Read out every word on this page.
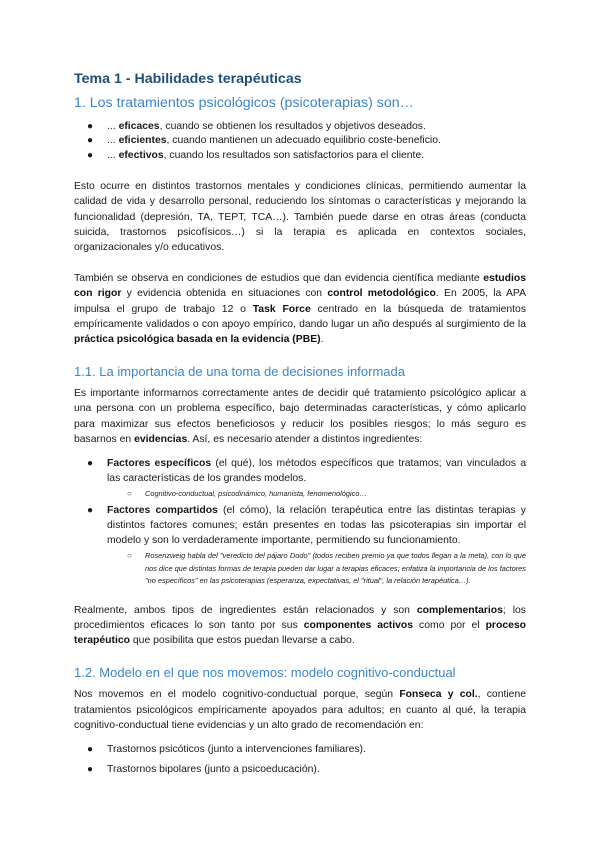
Tema 1 - Habilidades terapéuticas
1. Los tratamientos psicológicos (psicoterapias) son…
● ... eficaces, cuando se obtienen los resultados y objetivos deseados.
● ... eficientes, cuando mantienen un adecuado equilibrio coste-beneficio.
● ... efectivos, cuando los resultados son satisfactorios para el cliente.

Esto ocurre en distintos trastornos mentales y condiciones clínicas, permitiendo aumentar la calidad de vida y desarrollo personal, reduciendo los síntomas o características y mejorando la funcionalidad (depresión, TA, TEPT, TCA…). También puede darse en otras áreas (conducta suicida, trastornos psicofísicos…) si la terapia es aplicada en contextos sociales, organizacionales y/o educativos.

También se observa en condiciones de estudios que dan evidencia científica mediante estudios con rigor y evidencia obtenida en situaciones con control metodológico. En 2005, la APA impulsa el grupo de trabajo 12 o Task Force centrado en la búsqueda de tratamientos empíricamente validados o con apoyo empírico, dando lugar un año después al surgimiento de la práctica psicológica basada en la evidencia (PBE).

1.1. La importancia de una toma de decisiones informada

Es importante informarnos correctamente antes de decidir qué tratamiento psicológico aplicar a una persona con un problema específico, bajo determinadas características, y cómo aplicarlo para maximizar sus efectos beneficiosos y reducir los posibles riesgos; lo más seguro es basarnos en evidencias. Así, es necesario atender a distintos ingredientes:

● Factores específicos (el qué), los métodos específicos que tratamos; van vinculados a las características de los grandes modelos.
○ Cognitivo-conductual, psicodinámico, humanista, fenomenológico…
● Factores compartidos (el cómo), la relación terapéutica entre las distintas terapias y distintos factores comunes; están presentes en todas las psicoterapias sin importar el modelo y son lo verdaderamente importante, permitiendo su funcionamiento.
○ Rosenzweig habla del "veredicto del pájaro Dodo" (todos reciben premio ya que todos llegan a la meta), con lo que nos dice que distintas formas de terapia pueden dar lugar a terapias eficaces; enfatiza la importancia de los factores "no específicos" en las psicoterapias (esperanza, expectativas, el "ritual", la relación terapéutica…).

Realmente, ambos tipos de ingredientes están relacionados y son complementarios; los procedimientos eficaces lo son tanto por sus componentes activos como por el proceso terapéutico que posibilita que estos puedan llevarse a cabo.

1.2. Modelo en el que nos movemos: modelo cognitivo-conductual

Nos movemos en el modelo cognitivo-conductual porque, según Fonseca y col., contiene tratamientos psicológicos empíricamente apoyados para adultos; en cuanto al qué, la terapia cognitivo-conductual tiene evidencias y un alto grado de recomendación en:

● Trastornos psicóticos (junto a intervenciones familiares).
● Trastornos bipolares (junto a psicoeducación).
